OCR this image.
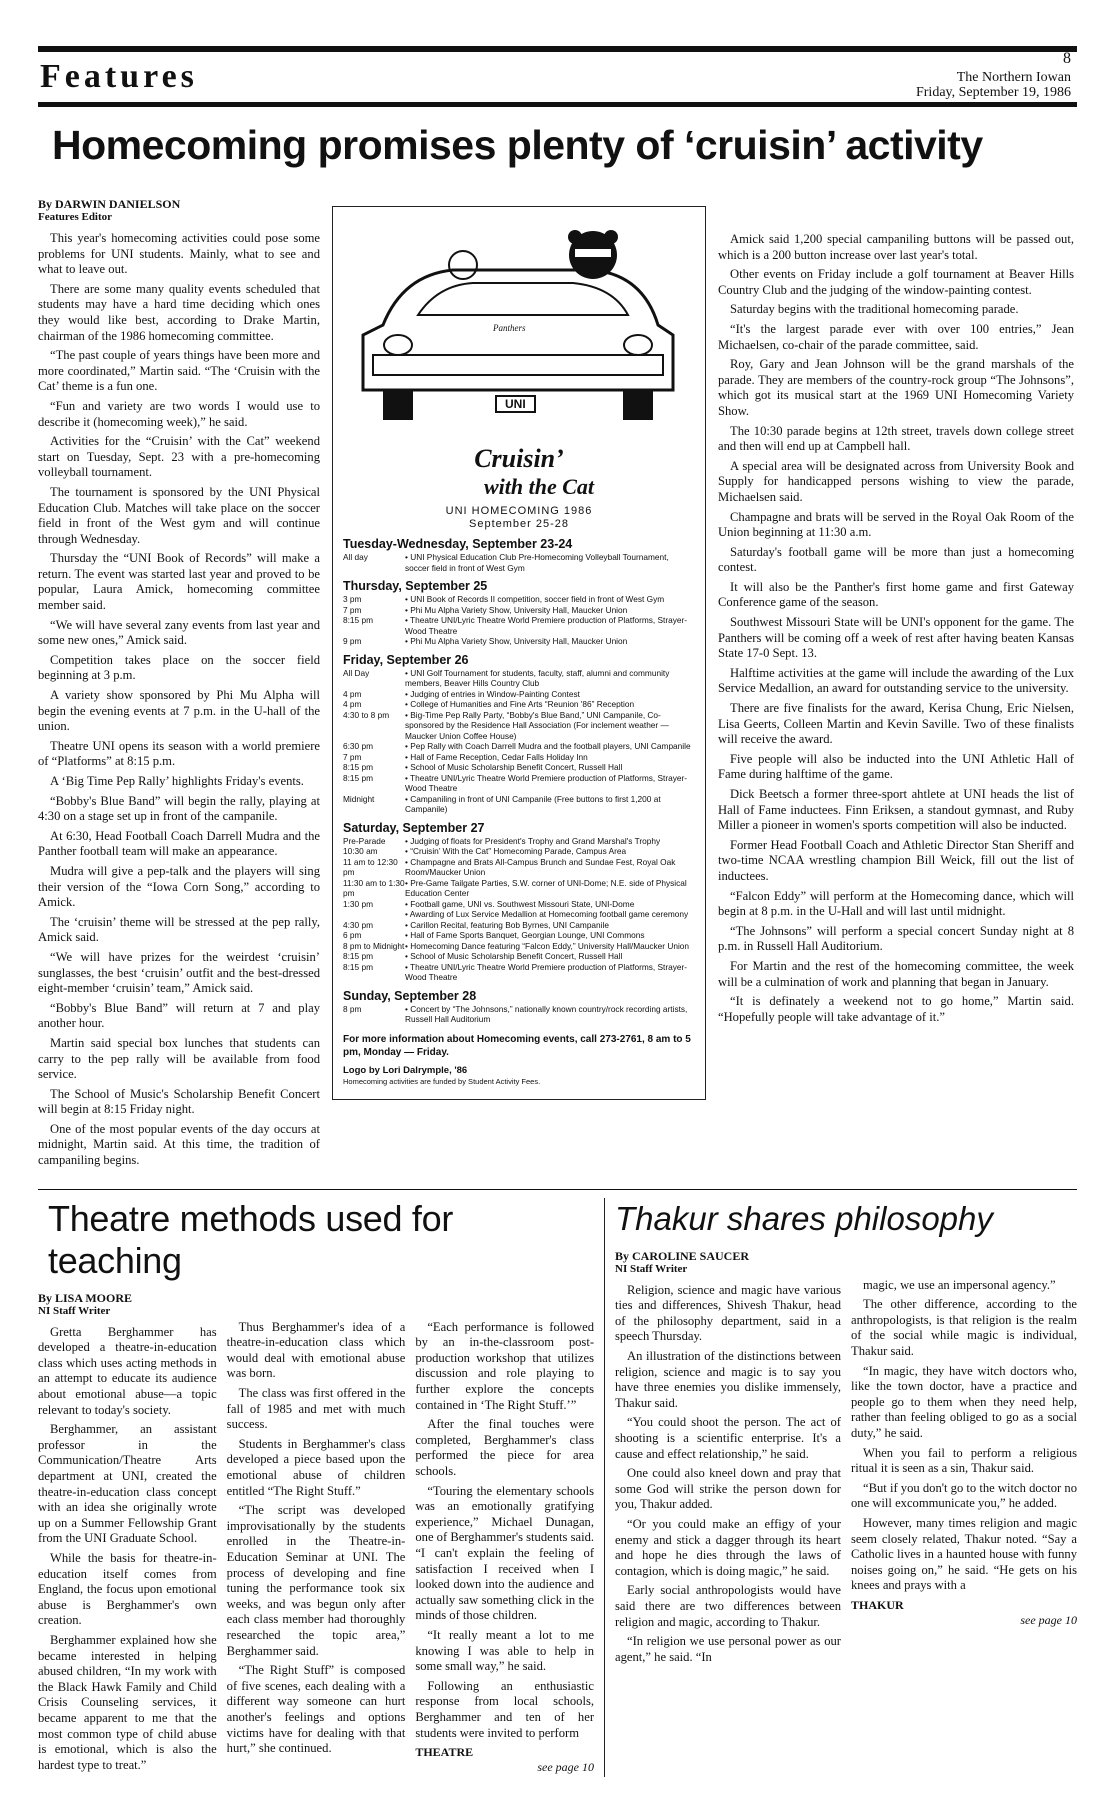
Features	8
The Northern Iowan
Friday, September 19, 1986
Homecoming promises plenty of ‘cruisin’ activity
By DARWIN DANIELSON
Features Editor

This year's homecoming activities could pose some problems for UNI students. Mainly, what to see and what to leave out.

There are some many quality events scheduled that students may have a hard time deciding which ones they would like best, according to Drake Martin, chairman of the 1986 homecoming committee.

“The past couple of years things have been more and more coordinated,” Martin said. “The ‘Cruisin with the Cat’ theme is a fun one.

“Fun and variety are two words I would use to describe it (homecoming week),” he said.

Activities for the “Cruisin’ with the Cat” weekend start on Tuesday, Sept. 23 with a pre-homecoming volleyball tournament.

The tournament is sponsored by the UNI Physical Education Club. Matches will take place on the soccer field in front of the West gym and will continue through Wednesday.

Thursday the “UNI Book of Records” will make a return. The event was started last year and proved to be popular, Laura Amick, homecoming committee member said.

“We will have several zany events from last year and some new ones,” Amick said.

Competition takes place on the soccer field beginning at 3 p.m.

A variety show sponsored by Phi Mu Alpha will begin the evening events at 7 p.m. in the U-hall of the union.

Theatre UNI opens its season with a world premiere of “Platforms” at 8:15 p.m.

A ‘Big Time Pep Rally’ highlights Friday's events.

“Bobby's Blue Band” will begin the rally, playing at 4:30 on a stage set up in front of the campanile.

At 6:30, Head Football Coach Darrell Mudra and the Panther football team will make an appearance.

Mudra will give a pep-talk and the players will sing their version of the “Iowa Corn Song,” according to Amick.

The ‘cruisin’ theme will be stressed at the pep rally, Amick said.

“We will have prizes for the weirdest ‘cruisin’ sunglasses, the best ‘cruisin’ outfit and the best-dressed eight-member ‘cruisin’ team,” Amick said.

“Bobby's Blue Band” will return at 7 and play another hour.

Martin said special box lunches that students can carry to the pep rally will be available from food service.

The School of Music's Scholarship Benefit Concert will begin at 8:15 Friday night.

One of the most popular events of the day occurs at midnight, Martin said. At this time, the tradition of campaniling begins.

Panthers
UNI
Cruisin’
with the Cat
UNI HOMECOMING 1986
September 25-28
Tuesday-Wednesday, September 23-24
All day	• UNI Physical Education Club Pre-Homecoming Volleyball Tournament, soccer field in front of West Gym
Thursday, September 25
3 pm	• UNI Book of Records II competition, soccer field in front of West Gym
7 pm	• Phi Mu Alpha Variety Show, University Hall, Maucker Union
8:15 pm	• Theatre UNI/Lyric Theatre World Premiere production of Platforms, Strayer-Wood Theatre
9 pm	• Phi Mu Alpha Variety Show, University Hall, Maucker Union
Friday, September 26
All Day	• UNI Golf Tournament for students, faculty, staff, alumni and community members, Beaver Hills Country Club
4 pm	• Judging of entries in Window-Painting Contest
4 pm	• College of Humanities and Fine Arts “Reunion '86” Reception
4:30 to 8 pm	• Big-Time Pep Rally Party, “Bobby's Blue Band,” UNI Campanile, Co-sponsored by the Residence Hall Association (For inclement weather — Maucker Union Coffee House)
6:30 pm	• Pep Rally with Coach Darrell Mudra and the football players, UNI Campanile
7 pm	• Hall of Fame Reception, Cedar Falls Holiday Inn
8:15 pm	• School of Music Scholarship Benefit Concert, Russell Hall
8:15 pm	• Theatre UNI/Lyric Theatre World Premiere production of Platforms, Strayer-Wood Theatre
Midnight	• Campaniling in front of UNI Campanile (Free buttons to first 1,200 at Campanile)
Saturday, September 27
Pre-Parade	• Judging of floats for President's Trophy and Grand Marshal's Trophy
10:30 am	• “Cruisin’ With the Cat” Homecoming Parade, Campus Area
11 am to 12:30 pm
• Champagne and Brats All-Campus Brunch and Sundae Fest, Royal Oak Room/Maucker Union
11:30 am to 1:30 pm
• Pre-Game Tailgate Parties, S.W. corner of UNI-Dome; N.E. side of Physical Education Center
1:30 pm	• Football game, UNI vs. Southwest Missouri State, UNI-Dome
• Awarding of Lux Service Medallion at Homecoming football game ceremony
4:30 pm	• Carillon Recital, featuring Bob Byrnes, UNI Campanile
6 pm	• Hall of Fame Sports Banquet, Georgian Lounge, UNI Commons
8 pm to Midnight • Homecoming Dance featuring “Falcon Eddy,” University Hall/Maucker Union
8:15 pm	• School of Music Scholarship Benefit Concert, Russell Hall
8:15 pm	• Theatre UNI/Lyric Theatre World Premiere production of Platforms, Strayer-Wood Theatre
Sunday, September 28
8 pm	• Concert by “The Johnsons,” nationally known country/rock recording artists, Russell Hall Auditorium
For more information about Homecoming events, call 273-2761, 8 am to 5 pm, Monday — Friday.
Logo by Lori Dalrymple, '86
Homecoming activities are funded by Student Activity Fees.

Amick said 1,200 special campaniling buttons will be passed out, which is a 200 button increase over last year's total.

Other events on Friday include a golf tournament at Beaver Hills Country Club and the judging of the window-painting contest.

Saturday begins with the traditional homecoming parade.

“It's the largest parade ever with over 100 entries,” Jean Michaelsen, co-chair of the parade committee, said.

Roy, Gary and Jean Johnson will be the grand marshals of the parade. They are members of the country-rock group “The Johnsons”, which got its musical start at the 1969 UNI Homecoming Variety Show.

The 10:30 parade begins at 12th street, travels down college street and then will end up at Campbell hall.

A special area will be designated across from University Book and Supply for handicapped persons wishing to view the parade, Michaelsen said.

Champagne and brats will be served in the Royal Oak Room of the Union beginning at 11:30 a.m.

Saturday's football game will be more than just a homecoming contest.

It will also be the Panther's first home game and first Gateway Conference game of the season.

Southwest Missouri State will be UNI's opponent for the game. The Panthers will be coming off a week of rest after having beaten Kansas State 17-0 Sept. 13.

Halftime activities at the game will include the awarding of the Lux Service Medallion, an award for outstanding service to the university.

There are five finalists for the award, Kerisa Chung, Eric Nielsen, Lisa Geerts, Colleen Martin and Kevin Saville. Two of these finalists will receive the award.

Five people will also be inducted into the UNI Athletic Hall of Fame during halftime of the game.

Dick Beetsch a former three-sport ahtlete at UNI heads the list of Hall of Fame inductees. Finn Eriksen, a standout gymnast, and Ruby Miller a pioneer in women's sports competition will also be inducted.

Former Head Football Coach and Athletic Director Stan Sheriff and two-time NCAA wrestling champion Bill Weick, fill out the list of inductees.

“Falcon Eddy” will perform at the Homecoming dance, which will begin at 8 p.m. in the U-Hall and will last until midnight.

“The Johnsons” will perform a special concert Sunday night at 8 p.m. in Russell Hall Auditorium.

For Martin and the rest of the homecoming committee, the week will be a culmination of work and planning that began in January.

“It is definately a weekend not to go home,” Martin said. “Hopefully people will take advantage of it.”

Theatre methods used for teaching
By LISA MOORE
NI Staff Writer

Gretta Berghammer has developed a theatre-in-education class which uses acting methods in an attempt to educate its audience about emotional abuse—a topic relevant to today's society.

Berghammer, an assistant professor in the Communication/Theatre Arts department at UNI, created the theatre-in-education class concept with an idea she originally wrote up on a Summer Fellowship Grant from the UNI Graduate School.

While the basis for theatre-in-education itself comes from England, the focus upon emotional abuse is Berghammer's own creation.

Berghammer explained how she became interested in helping abused children, “In my work with the Black Hawk Family and Child Crisis Counseling services, it became apparent to me that the most common type of child abuse is emotional, which is also the hardest type to treat.”

Thus Berghammer's idea of a theatre-in-education class which would deal with emotional abuse was born.

The class was first offered in the fall of 1985 and met with much success.

Students in Berghammer's class developed a piece based upon the emotional abuse of children entitled “The Right Stuff.”

“The script was developed improvisationally by the students enrolled in the Theatre-in-Education Seminar at UNI. The process of developing and fine tuning the performance took six weeks, and was begun only after each class member had thoroughly researched the topic area,” Berghammer said.

“The Right Stuff” is composed of five scenes, each dealing with a different way someone can hurt another's feelings and options victims have for dealing with that hurt,” she continued.

“Each performance is followed by an in-the-classroom post-production workshop that utilizes discussion and role playing to further explore the concepts contained in ‘The Right Stuff.’”

After the final touches were completed, Berghammer's class performed the piece for area schools.

“Touring the elementary schools was an emotionally gratifying experience,” Michael Dunagan, one of Berghammer's students said. “I can't explain the feeling of satisfaction I received when I looked down into the audience and actually saw something click in the minds of those children.

“It really meant a lot to me knowing I was able to help in some small way,” he said.

Following an enthusiastic response from local schools, Berghammer and ten of her students were invited to perform

THEATRE
see page 10
Thakur shares philosophy
By CAROLINE SAUCER
NI Staff Writer

Religion, science and magic have various ties and differences, Shivesh Thakur, head of the philosophy department, said in a speech Thursday.

An illustration of the distinctions between religion, science and magic is to say you have three enemies you dislike immensely, Thakur said.

“You could shoot the person. The act of shooting is a scientific enterprise. It's a cause and effect relationship,” he said.

One could also kneel down and pray that some God will strike the person down for you, Thakur added.

“Or you could make an effigy of your enemy and stick a dagger through its heart and hope he dies through the laws of contagion, which is doing magic,” he said.

Early social anthropologists would have said there are two differences between religion and magic, according to Thakur.

“In religion we use personal power as our agent,” he said. “In

magic, we use an impersonal agency.”

The other difference, according to the anthropologists, is that religion is the realm of the social while magic is individual, Thakur said.

“In magic, they have witch doctors who, like the town doctor, have a practice and people go to them when they need help, rather than feeling obliged to go as a social duty,” he said.

When you fail to perform a religious ritual it is seen as a sin, Thakur said.

“But if you don't go to the witch doctor no one will excommunicate you,” he added.

However, many times religion and magic seem closely related, Thakur noted. “Say a Catholic lives in a haunted house with funny noises going on,” he said. “He gets on his knees and prays with a

THAKUR
see page 10
